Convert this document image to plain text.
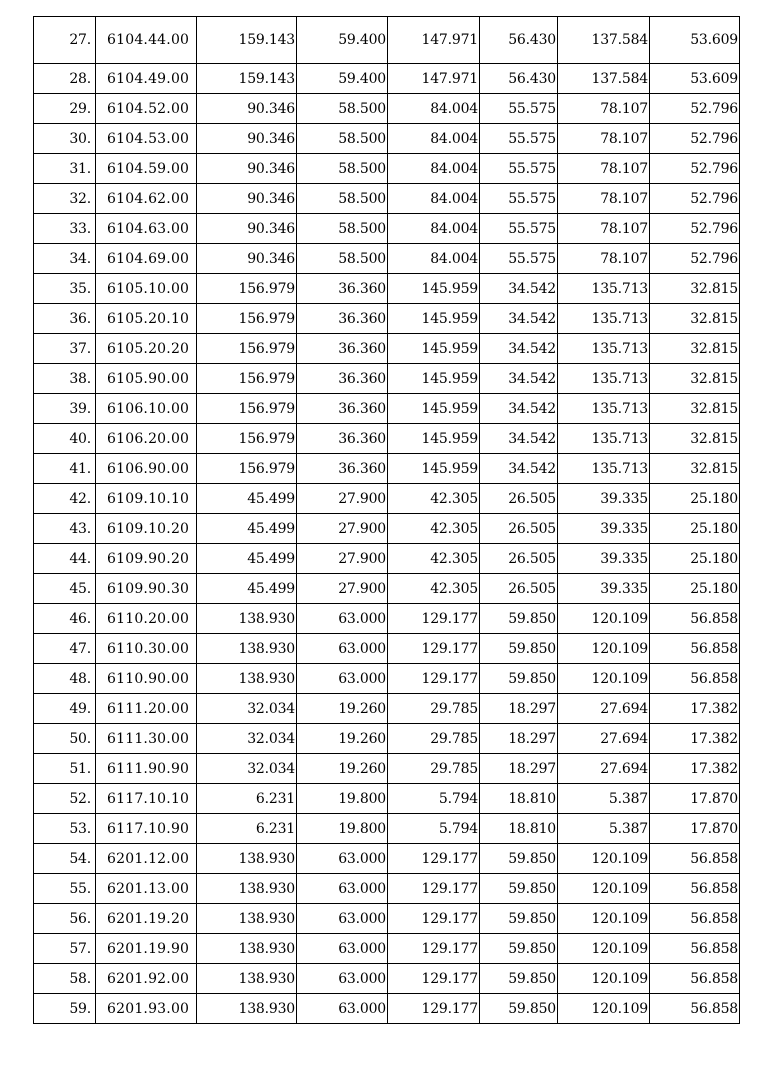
27.	6104.44.00	159.143	59.400	147.971	56.430	137.584	53.609
28.	6104.49.00	159.143	59.400	147.971	56.430	137.584	53.609
29.	6104.52.00	90.346	58.500	84.004	55.575	78.107	52.796
30.	6104.53.00	90.346	58.500	84.004	55.575	78.107	52.796
31.	6104.59.00	90.346	58.500	84.004	55.575	78.107	52.796
32.	6104.62.00	90.346	58.500	84.004	55.575	78.107	52.796
33.	6104.63.00	90.346	58.500	84.004	55.575	78.107	52.796
34.	6104.69.00	90.346	58.500	84.004	55.575	78.107	52.796
35.	6105.10.00	156.979	36.360	145.959	34.542	135.713	32.815
36.	6105.20.10	156.979	36.360	145.959	34.542	135.713	32.815
37.	6105.20.20	156.979	36.360	145.959	34.542	135.713	32.815
38.	6105.90.00	156.979	36.360	145.959	34.542	135.713	32.815
39.	6106.10.00	156.979	36.360	145.959	34.542	135.713	32.815
40.	6106.20.00	156.979	36.360	145.959	34.542	135.713	32.815
41.	6106.90.00	156.979	36.360	145.959	34.542	135.713	32.815
42.	6109.10.10	45.499	27.900	42.305	26.505	39.335	25.180
43.	6109.10.20	45.499	27.900	42.305	26.505	39.335	25.180
44.	6109.90.20	45.499	27.900	42.305	26.505	39.335	25.180
45.	6109.90.30	45.499	27.900	42.305	26.505	39.335	25.180
46.	6110.20.00	138.930	63.000	129.177	59.850	120.109	56.858
47.	6110.30.00	138.930	63.000	129.177	59.850	120.109	56.858
48.	6110.90.00	138.930	63.000	129.177	59.850	120.109	56.858
49.	6111.20.00	32.034	19.260	29.785	18.297	27.694	17.382
50.	6111.30.00	32.034	19.260	29.785	18.297	27.694	17.382
51.	6111.90.90	32.034	19.260	29.785	18.297	27.694	17.382
52.	6117.10.10	6.231	19.800	5.794	18.810	5.387	17.870
53.	6117.10.90	6.231	19.800	5.794	18.810	5.387	17.870
54.	6201.12.00	138.930	63.000	129.177	59.850	120.109	56.858
55.	6201.13.00	138.930	63.000	129.177	59.850	120.109	56.858
56.	6201.19.20	138.930	63.000	129.177	59.850	120.109	56.858
57.	6201.19.90	138.930	63.000	129.177	59.850	120.109	56.858
58.	6201.92.00	138.930	63.000	129.177	59.850	120.109	56.858
59.	6201.93.00	138.930	63.000	129.177	59.850	120.109	56.858
